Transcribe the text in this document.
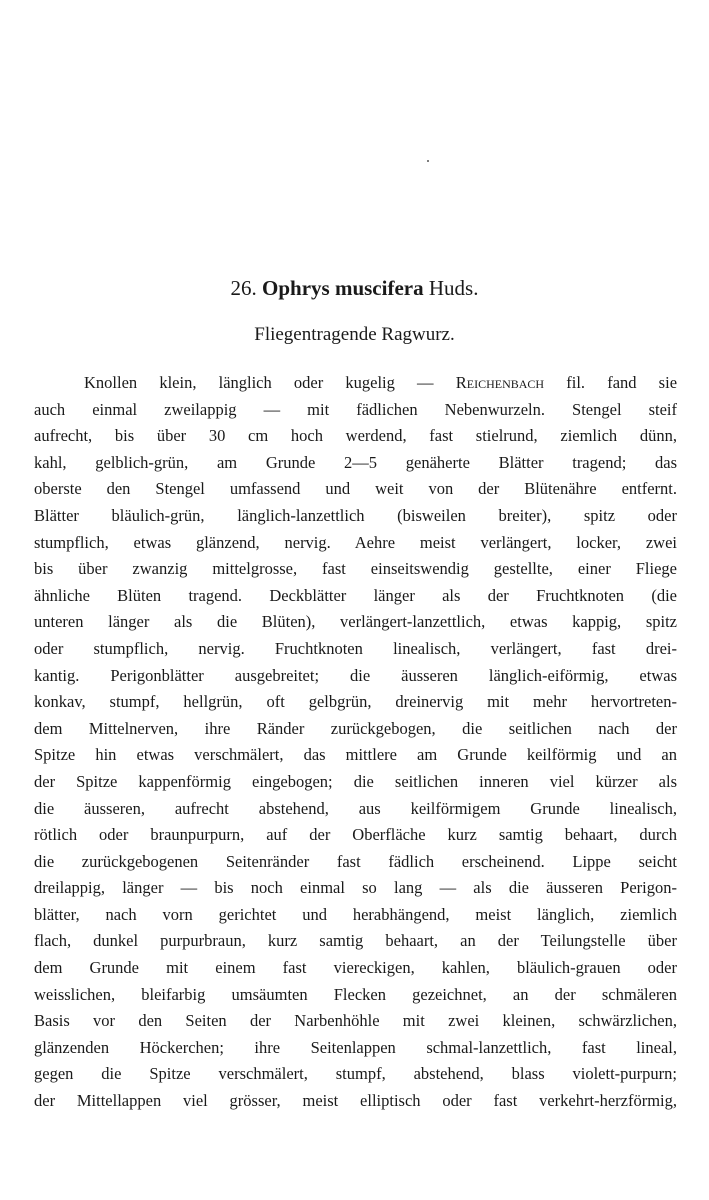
26. Ophrys muscifera Huds.
Fliegentragende Ragwurz.
Knollen klein, länglich oder kugelig — Reichenbach fil. fand sie
auch einmal zweilappig — mit fädlichen Nebenwurzeln. Stengel steif
aufrecht, bis über 30 cm hoch werdend, fast stielrund, ziemlich dünn,
kahl, gelblich-grün, am Grunde 2—5 genäherte Blätter tragend; das
oberste den Stengel umfassend und weit von der Blütenähre entfernt.
Blätter bläulich-grün, länglich-lanzettlich (bisweilen breiter), spitz oder
stumpflich, etwas glänzend, nervig. Aehre meist verlängert, locker, zwei
bis über zwanzig mittelgrosse, fast einseitswendig gestellte, einer Fliege
ähnliche Blüten tragend. Deckblätter länger als der Fruchtknoten (die
unteren länger als die Blüten), verlängert-lanzettlich, etwas kappig, spitz
oder stumpflich, nervig. Fruchtknoten linealisch, verlängert, fast drei-
kantig. Perigonblätter ausgebreitet; die äusseren länglich-eiförmig, etwas
konkav, stumpf, hellgrün, oft gelbgrün, dreinervig mit mehr hervortreten-
dem Mittelnerven, ihre Ränder zurückgebogen, die seitlichen nach der
Spitze hin etwas verschmälert, das mittlere am Grunde keilförmig und an
der Spitze kappenförmig eingebogen; die seitlichen inneren viel kürzer als
die äusseren, aufrecht abstehend, aus keilförmigem Grunde linealisch,
rötlich oder braunpurpurn, auf der Oberfläche kurz samtig behaart, durch
die zurückgebogenen Seitenränder fast fädlich erscheinend. Lippe seicht
dreilappig, länger — bis noch einmal so lang — als die äusseren Perigon-
blätter, nach vorn gerichtet und herabhängend, meist länglich, ziemlich
flach, dunkel purpurbraun, kurz samtig behaart, an der Teilungstelle über
dem Grunde mit einem fast viereckigen, kahlen, bläulich-grauen oder
weisslichen, bleifarbig umsäumten Flecken gezeichnet, an der schmäleren
Basis vor den Seiten der Narbenhöhle mit zwei kleinen, schwärzlichen,
glänzenden Höckerchen; ihre Seitenlappen schmal-lanzettlich, fast lineal,
gegen die Spitze verschmälert, stumpf, abstehend, blass violett-purpurn;
der Mittellappen viel grösser, meist elliptisch oder fast verkehrt-herzförmig,
